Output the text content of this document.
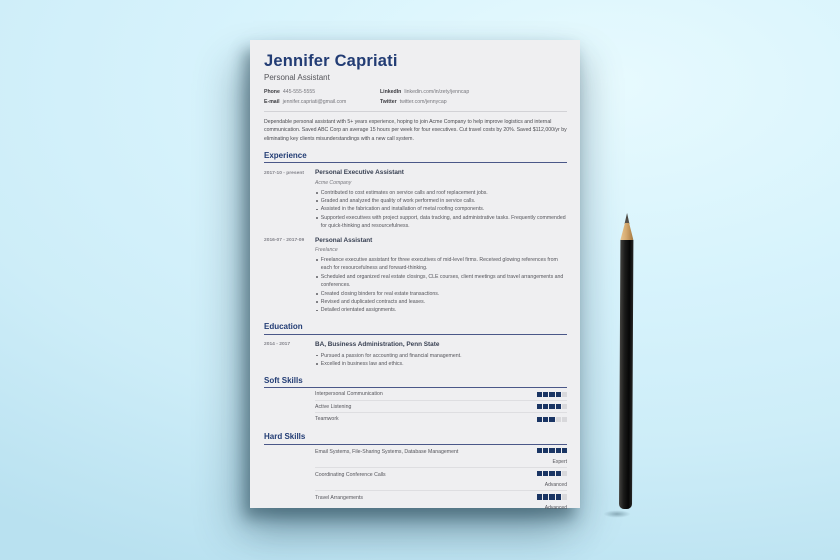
Jennifer Capriati
Personal Assistant
Phone 445-555-5555	LinkedIn linkedin.com/in/zety/jenncap
E-mail jennifer.capriati@gmail.com	Twitter twitter.com/jennycap

Dependable personal assistant with 5+ years experience, hoping to join Acme Company to help improve logistics and internal communication. Saved ABC Corp an average 15 hours per week for four executives. Cut travel costs by 20%. Saved $112,000/yr by eliminating key clients misunderstandings with a new call system.

Experience
2017-10 - present	Personal Executive Assistant
Acme Company
Contributed to cost estimates on service calls and roof replacement jobs.
Graded and analyzed the quality of work performed in service calls.
Assisted in the fabrication and installation of metal roofing components.
Supported executives with project support, data tracking, and administrative tasks. Frequently commended for quick-thinking and resourcefulness.
2016-07 - 2017-09	Personal Assistant
Freelance
Freelance executive assistant for three executives of mid-level firms. Received glowing references from each for resourcefulness and forward-thinking.
Scheduled and organized real estate closings, CLE courses, client meetings and travel arrangements and conferences.
Created closing binders for real estate transactions.
Revised and duplicated contracts and leases.
Detailed orientated assignments.
Education
2014 - 2017	BA, Business Administration, Penn State
Pursued a passion for accounting and financial management.
Excelled in business law and ethics.
Soft Skills
Interpersonal Communication
Active Listening
Teamwork
Hard Skills
Email Systems, File-Sharing Systems, Database Management
Expert
Coordinating Conference Calls
Advanced
Travel Arrangements
Advanced
